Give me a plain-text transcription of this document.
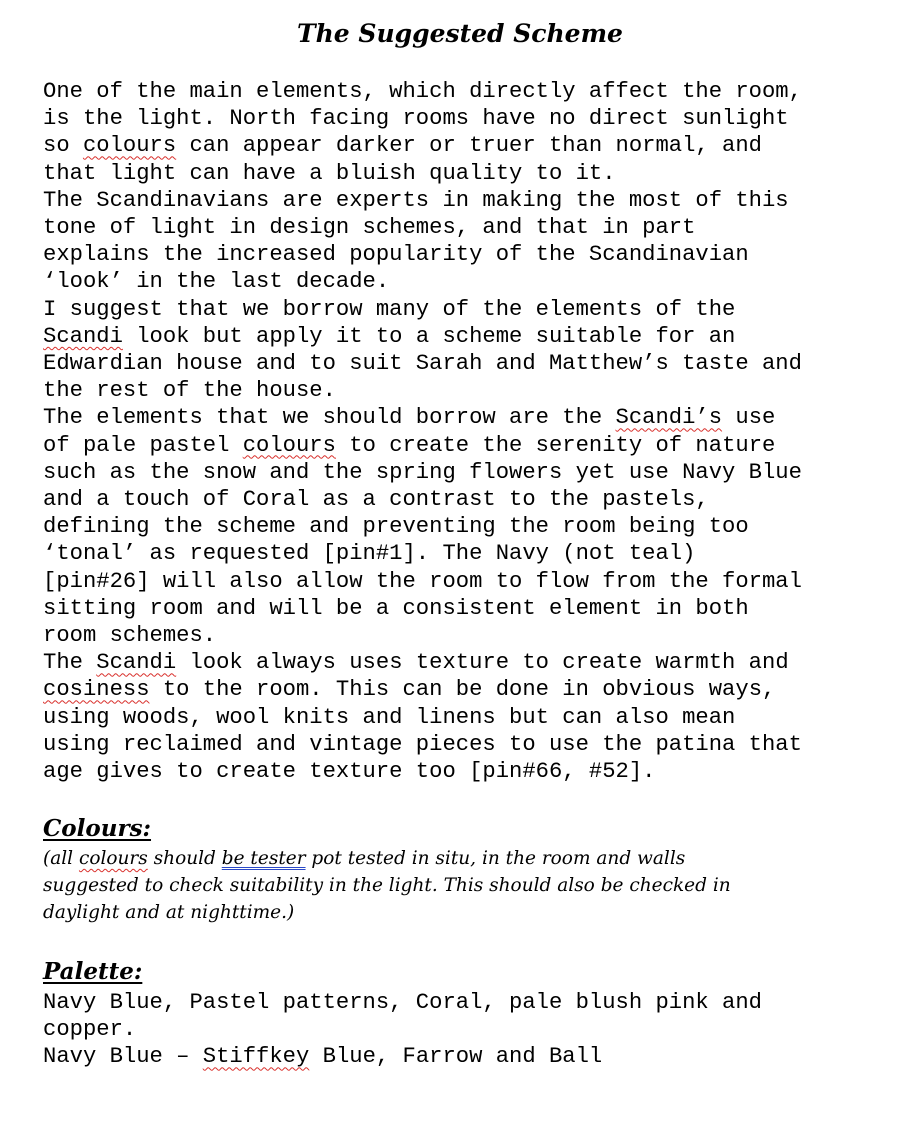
The Suggested Scheme

One of the main elements, which directly affect the room,

is the light. North facing rooms have no direct sunlight

so colours can appear darker or truer than normal, and

that light can have a bluish quality to it.

The Scandinavians are experts in making the most of this

tone of light in design schemes, and that in part

explains the increased popularity of the Scandinavian

‘look’ in the last decade.

I suggest that we borrow many of the elements of the

Scandi look but apply it to a scheme suitable for an

Edwardian house and to suit Sarah and Matthew’s taste and

the rest of the house.

The elements that we should borrow are the Scandi’s use

of pale pastel colours to create the serenity of nature

such as the snow and the spring flowers yet use Navy Blue

and a touch of Coral as a contrast to the pastels,

defining the scheme and preventing the room being too

‘tonal’ as requested [pin#1]. The Navy (not teal)

[pin#26] will also allow the room to flow from the formal

sitting room and will be a consistent element in both

room schemes.

The Scandi look always uses texture to create warmth and

cosiness to the room. This can be done in obvious ways,

using woods, wool knits and linens but can also mean

using reclaimed and vintage pieces to use the patina that

age gives to create texture too [pin#66, #52].

Colours:

(all colours should be tester pot tested in situ, in the room and walls

suggested to check suitability in the light. This should also be checked in

daylight and at nighttime.)

Palette:

Navy Blue, Pastel patterns, Coral, pale blush pink and

copper.

Navy Blue – Stiffkey Blue, Farrow and Ball
